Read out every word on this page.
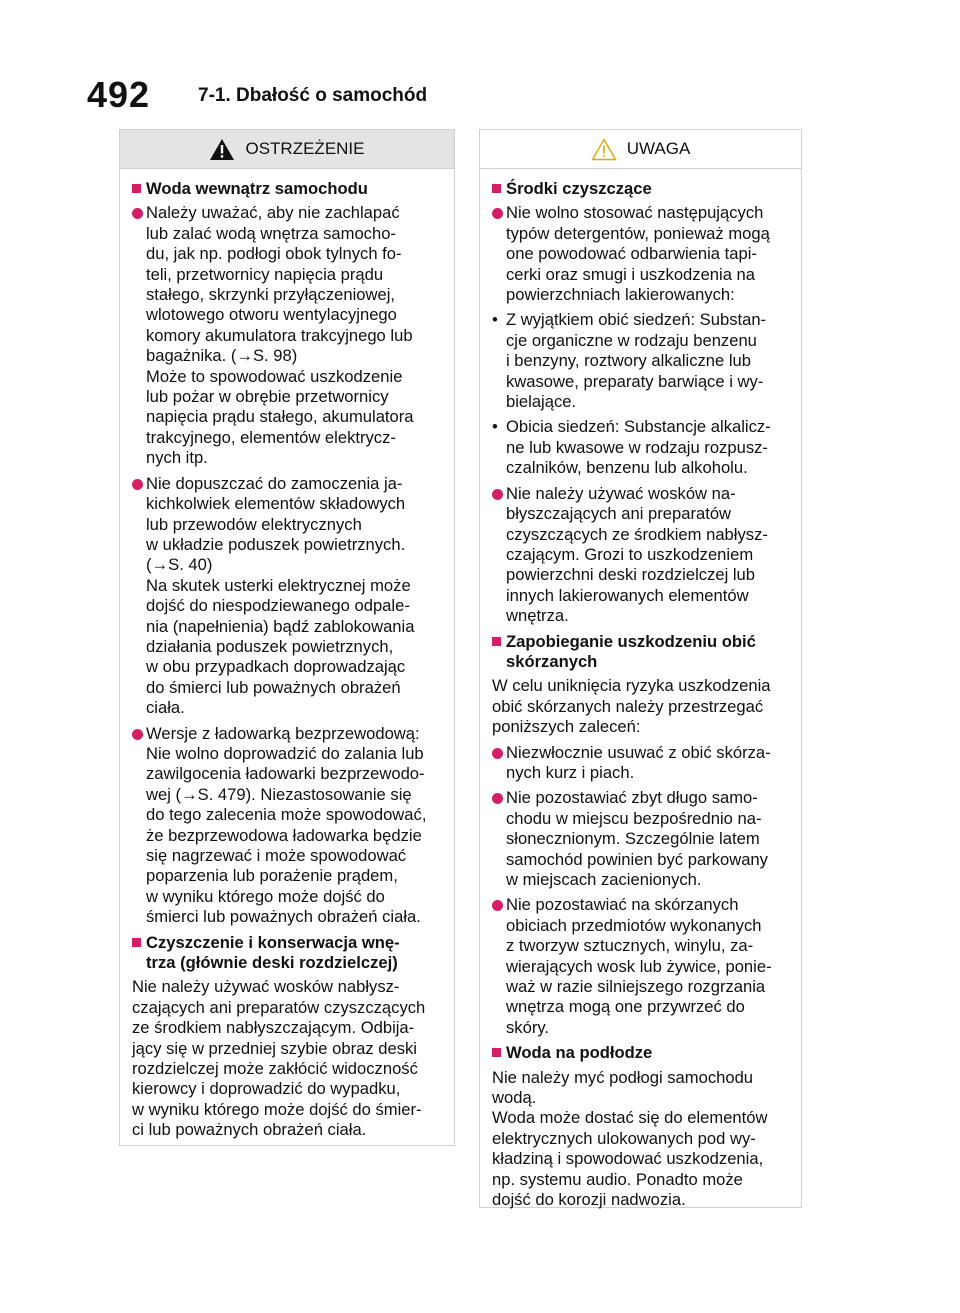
492	7-1. Dbałość o samochód
OSTRZEŻENIE
Woda wewnątrz samochodu
Należy uważać, aby nie zachlapać
lub zalać wodą wnętrza samocho-
du, jak np. podłogi obok tylnych fo-
teli, przetwornicy napięcia prądu
stałego, skrzynki przyłączeniowej,
wlotowego otworu wentylacyjnego
komory akumulatora trakcyjnego lub
bagażnika. (→S. 98)
Może to spowodować uszkodzenie
lub pożar w obrębie przetwornicy
napięcia prądu stałego, akumulatora
trakcyjnego, elementów elektrycz-
nych itp.
Nie dopuszczać do zamoczenia ja-
kichkolwiek elementów składowych
lub przewodów elektrycznych
w układzie poduszek powietrznych.
(→S. 40)
Na skutek usterki elektrycznej może
dojść do niespodziewanego odpale-
nia (napełnienia) bądź zablokowania
działania poduszek powietrznych,
w obu przypadkach doprowadzając
do śmierci lub poważnych obrażeń
ciała.
Wersje z ładowarką bezprzewodową:
Nie wolno doprowadzić do zalania lub
zawilgocenia ładowarki bezprzewodo-
wej (→S. 479). Niezastosowanie się
do tego zalecenia może spowodować,
że bezprzewodowa ładowarka będzie
się nagrzewać i może spowodować
poparzenia lub porażenie prądem,
w wyniku którego może dojść do
śmierci lub poważnych obrażeń ciała.
Czyszczenie i konserwacja wnę-
trza (głównie deski rozdzielczej)
Nie należy używać wosków nabłysz-
czających ani preparatów czyszczących
ze środkiem nabłyszczającym. Odbija-
jący się w przedniej szybie obraz deski
rozdzielczej może zakłócić widoczność
kierowcy i doprowadzić do wypadku,
w wyniku którego może dojść do śmier-
ci lub poważnych obrażeń ciała.
UWAGA
Środki czyszczące
Nie wolno stosować następujących
typów detergentów, ponieważ mogą
one powodować odbarwienia tapi-
cerki oraz smugi i uszkodzenia na
powierzchniach lakierowanych:
• Z wyjątkiem obić siedzeń: Substan-
cje organiczne w rodzaju benzenu
i benzyny, roztwory alkaliczne lub
kwasowe, preparaty barwiące i wy-
bielające.
• Obicia siedzeń: Substancje alkalicz-
ne lub kwasowe w rodzaju rozpusz-
czalników, benzenu lub alkoholu.
Nie należy używać wosków na-
błyszczających ani preparatów
czyszczących ze środkiem nabłysz-
czającym. Grozi to uszkodzeniem
powierzchni deski rozdzielczej lub
innych lakierowanych elementów
wnętrza.
Zapobieganie uszkodzeniu obić
skórzanych
W celu uniknięcia ryzyka uszkodzenia
obić skórzanych należy przestrzegać
poniższych zaleceń:
Niezwłocznie usuwać z obić skórza-
nych kurz i piach.
Nie pozostawiać zbyt długo samo-
chodu w miejscu bezpośrednio na-
słonecznionym. Szczególnie latem
samochód powinien być parkowany
w miejscach zacienionych.
Nie pozostawiać na skórzanych
obiciach przedmiotów wykonanych
z tworzyw sztucznych, winylu, za-
wierających wosk lub żywice, ponie-
waż w razie silniejszego rozgrzania
wnętrza mogą one przywrzeć do
skóry.
Woda na podłodze
Nie należy myć podłogi samochodu
wodą.
Woda może dostać się do elementów
elektrycznych ulokowanych pod wy-
kładziną i spowodować uszkodzenia,
np. systemu audio. Ponadto może
dojść do korozji nadwozia.
